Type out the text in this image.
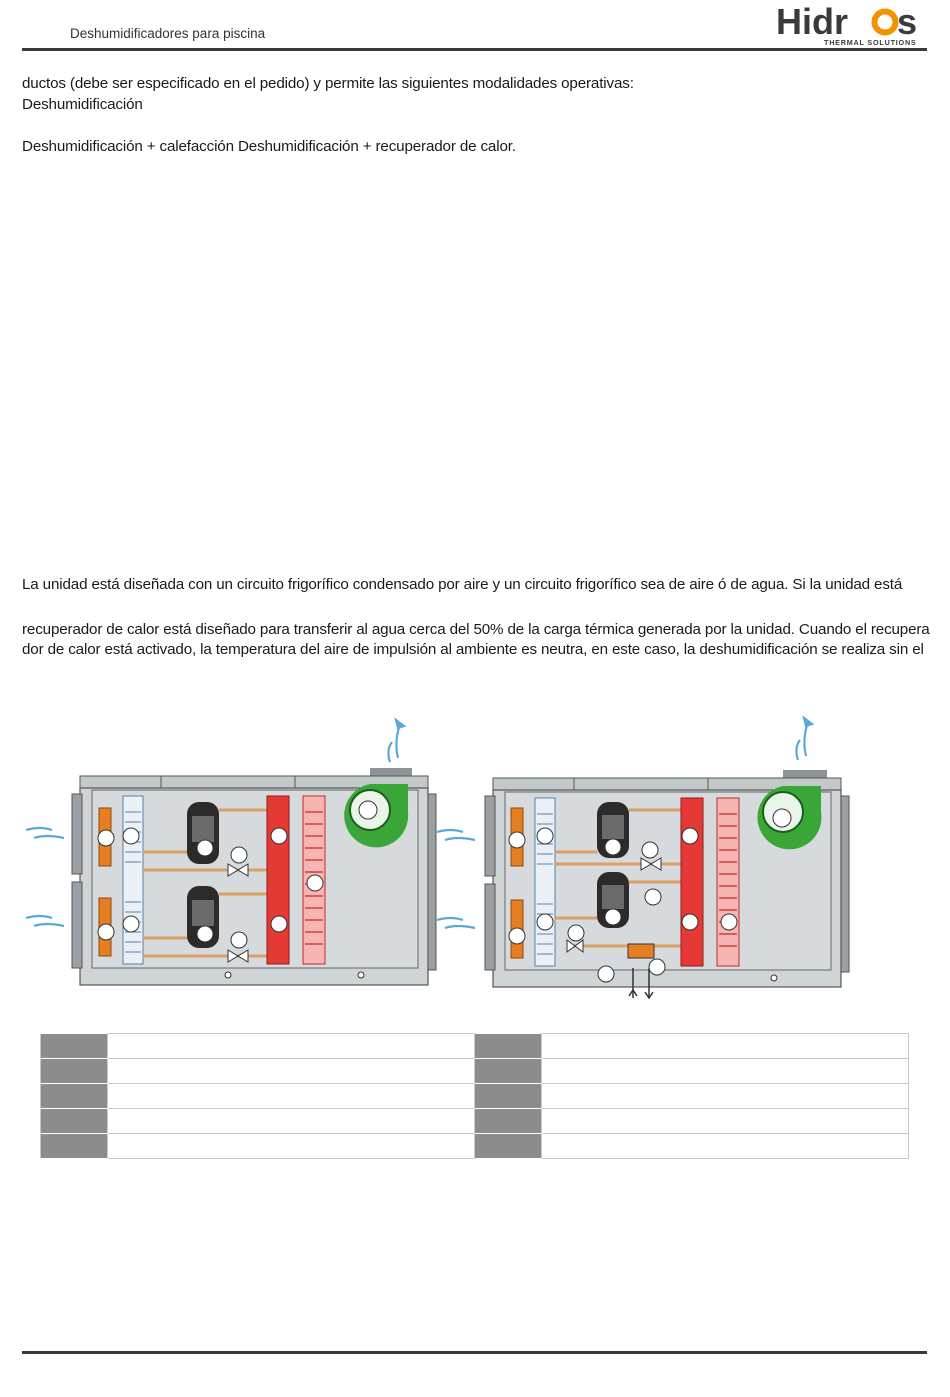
Deshumidificadores para piscina	Hidr s
THERMAL SOLUTIONS
ductos (debe ser especificado en el pedido) y permite las siguientes modalidades operativas:
Deshumidificación
Deshumidificación + calefacción Deshumidificación + recuperador de calor.
La unidad está diseñada con un circuito frigorífico condensado por aire y un circuito frigorífico sea de aire ó de agua. Si la unidad está
recuperador de calor está diseñado para transferir al agua cerca del 50% de la carga térmica generada por la unidad. Cuando el recupera
dor de calor está activado, la temperatura del aire de impulsión al ambiente es neutra, en este caso, la deshumidificación se realiza sin el
